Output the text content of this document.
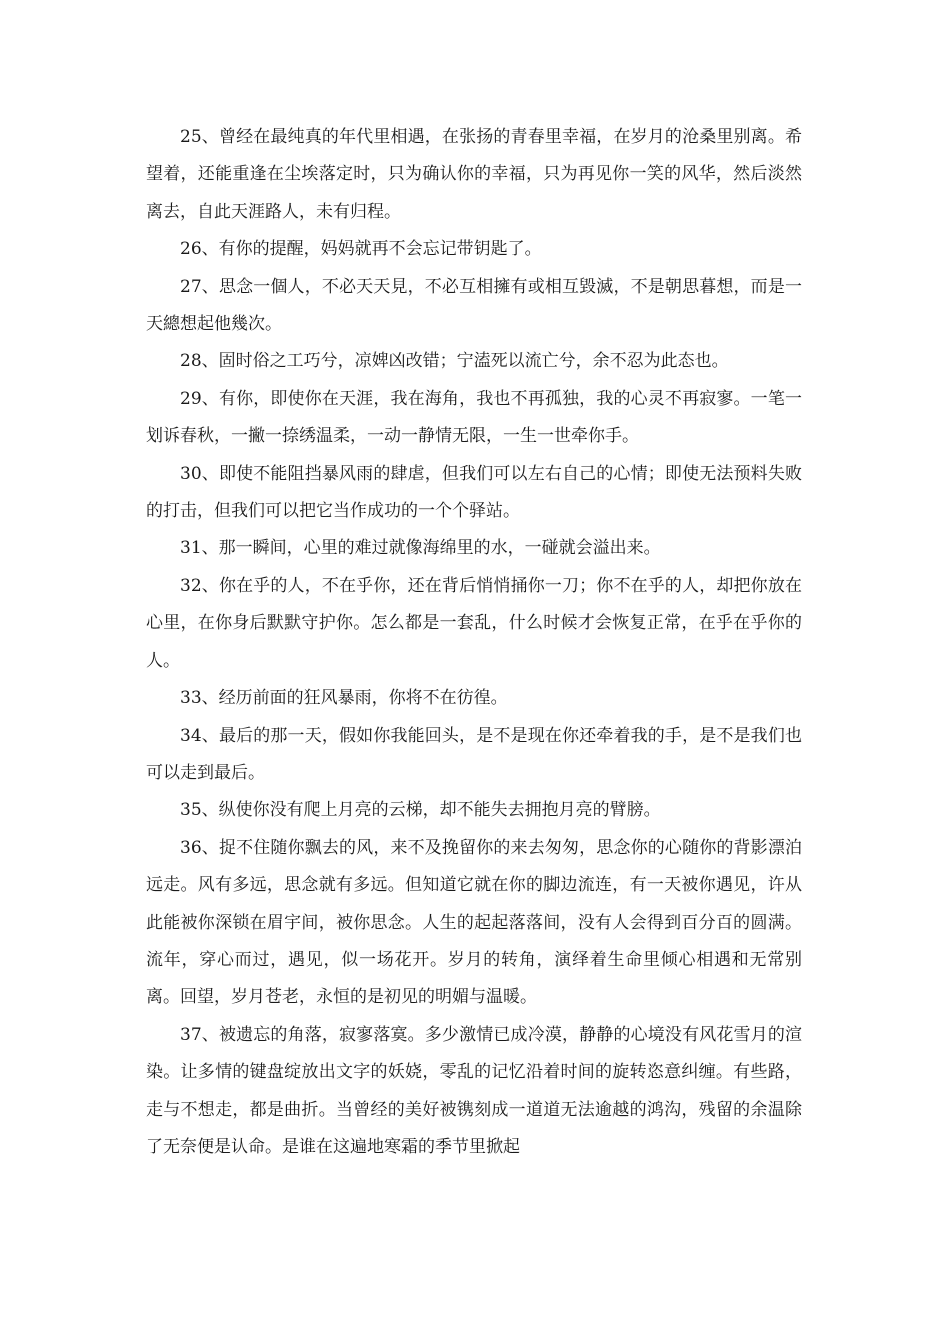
25、曾经在最纯真的年代里相遇，在张扬的青春里幸福，在岁月的沧桑里别离。希望着，还能重逢在尘埃落定时，只为确认你的幸福，只为再见你一笑的风华，然后淡然离去，自此天涯路人，未有归程。

26、有你的提醒，妈妈就再不会忘记带钥匙了。

27、思念一個人，不必天天見，不必互相擁有或相互毀滅，不是朝思暮想，而是一天總想起他幾次。

28、固时俗之工巧兮，凉婢凶改错；宁溘死以流亡兮，余不忍为此态也。

29、有你，即使你在天涯，我在海角，我也不再孤独，我的心灵不再寂寥。一笔一划诉春秋，一撇一捺绣温柔，一动一静情无限，一生一世牵你手。

30、即使不能阻挡暴风雨的肆虐，但我们可以左右自己的心情；即使无法预料失败的打击，但我们可以把它当作成功的一个个驿站。

31、那一瞬间，心里的难过就像海绵里的水，一碰就会溢出来。

32、你在乎的人，不在乎你，还在背后悄悄捅你一刀；你不在乎的人，却把你放在心里，在你身后默默守护你。怎么都是一套乱，什么时候才会恢复正常，在乎在乎你的人。

33、经历前面的狂风暴雨，你将不在彷徨。

34、最后的那一天，假如你我能回头，是不是现在你还牵着我的手，是不是我们也可以走到最后。

35、纵使你没有爬上月亮的云梯，却不能失去拥抱月亮的臂膀。

36、捉不住随你飘去的风，来不及挽留你的来去匆匆，思念你的心随你的背影漂泊远走。风有多远，思念就有多远。但知道它就在你的脚边流连，有一天被你遇见，许从此能被你深锁在眉宇间，被你思念。人生的起起落落间，没有人会得到百分百的圆满。流年，穿心而过，遇见，似一场花开。岁月的转角，演绎着生命里倾心相遇和无常别离。回望，岁月苍老，永恒的是初见的明媚与温暖。

37、被遗忘的角落，寂寥落寞。多少激情已成冷漠，静静的心境没有风花雪月的渲染。让多情的键盘绽放出文字的妖娆，零乱的记忆沿着时间的旋转恣意纠缠。有些路，走与不想走，都是曲折。当曾经的美好被镌刻成一道道无法逾越的鸿沟，残留的余温除了无奈便是认命。是谁在这遍地寒霜的季节里掀起
